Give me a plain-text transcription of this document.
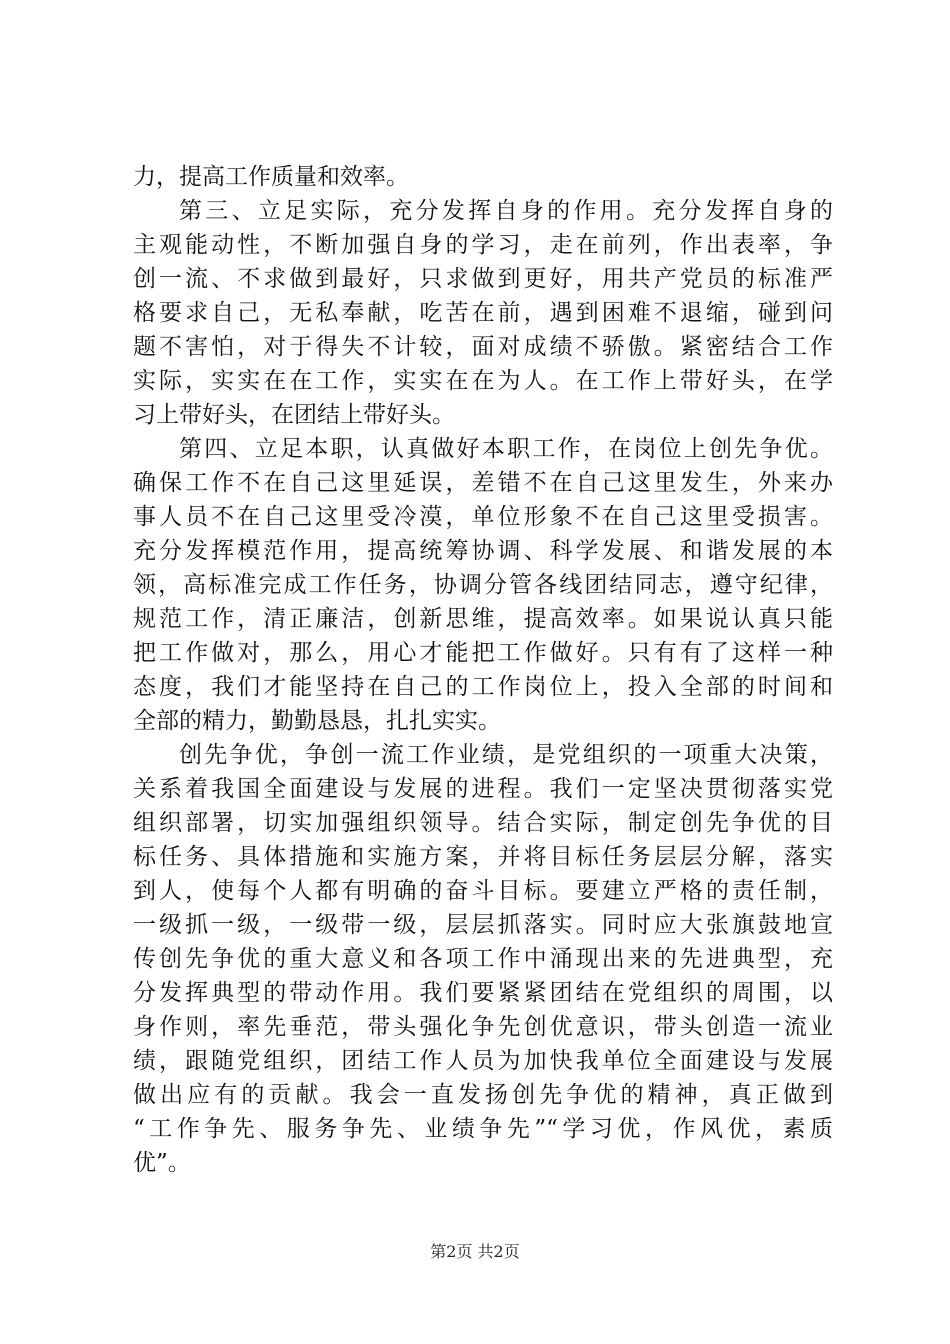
力，提高工作质量和效率。
第三、立足实际，充分发挥自身的作用。充分发挥自身的
主观能动性，不断加强自身的学习，走在前列，作出表率，争
创一流、不求做到最好，只求做到更好，用共产党员的标准严
格要求自己，无私奉献，吃苦在前，遇到困难不退缩，碰到问
题不害怕，对于得失不计较，面对成绩不骄傲。紧密结合工作
实际，实实在在工作，实实在在为人。在工作上带好头，在学
习上带好头，在团结上带好头。
第四、立足本职，认真做好本职工作，在岗位上创先争优。
确保工作不在自己这里延误，差错不在自己这里发生，外来办
事人员不在自己这里受冷漠，单位形象不在自己这里受损害。
充分发挥模范作用，提高统筹协调、科学发展、和谐发展的本
领，高标准完成工作任务，协调分管各线团结同志，遵守纪律，
规范工作，清正廉洁，创新思维，提高效率。如果说认真只能
把工作做对，那么，用心才能把工作做好。只有有了这样一种
态度，我们才能坚持在自己的工作岗位上，投入全部的时间和
全部的精力，勤勤恳恳，扎扎实实。
创先争优，争创一流工作业绩，是党组织的一项重大决策，
关系着我国全面建设与发展的进程。我们一定坚决贯彻落实党
组织部署，切实加强组织领导。结合实际，制定创先争优的目
标任务、具体措施和实施方案，并将目标任务层层分解，落实
到人，使每个人都有明确的奋斗目标。要建立严格的责任制，
一级抓一级，一级带一级，层层抓落实。同时应大张旗鼓地宣
传创先争优的重大意义和各项工作中涌现出来的先进典型，充
分发挥典型的带动作用。我们要紧紧团结在党组织的周围，以
身作则，率先垂范，带头强化争先创优意识，带头创造一流业
绩，跟随党组织，团结工作人员为加快我单位全面建设与发展
做出应有的贡献。我会一直发扬创先争优的精神，真正做到
“工作争先、服务争先、业绩争先”“学习优，作风优，素质
优”。
第2页 共2页
